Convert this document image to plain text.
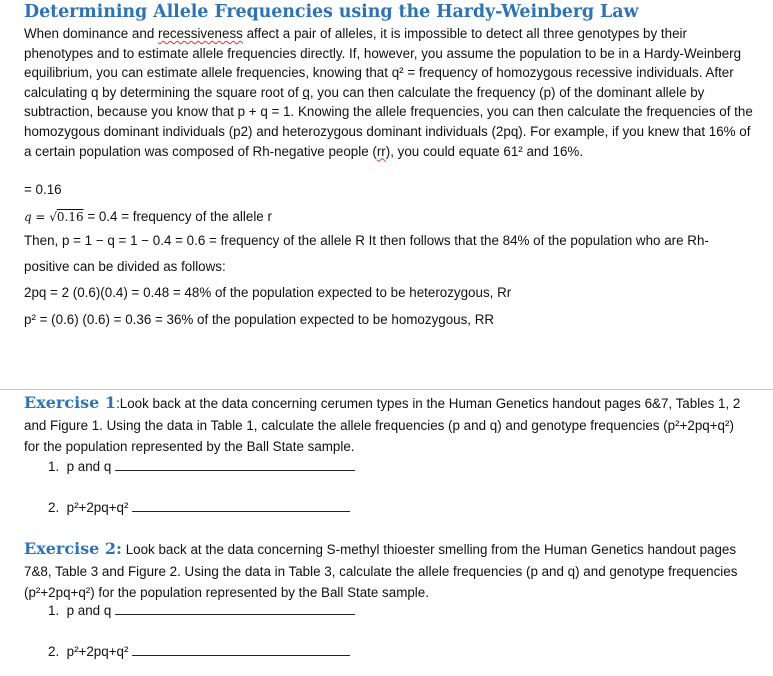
Determining Allele Frequencies using the Hardy-Weinberg Law

When dominance and recessiveness affect a pair of alleles, it is impossible to detect all three genotypes by their phenotypes and to estimate allele frequencies directly. If, however, you assume the population to be in a Hardy-Weinberg equilibrium, you can estimate allele frequencies, knowing that q² = frequency of homozygous recessive individuals. After calculating q by determining the square root of q, you can then calculate the frequency (p) of the dominant allele by subtraction, because you know that p + q = 1. Knowing the allele frequencies, you can then calculate the frequencies of the homozygous dominant individuals (p2) and heterozygous dominant individuals (2pq). For example, if you knew that 16% of a certain population was composed of Rh-negative people (rr), you could equate 61² and 16%.

= 0.16
q = √0.16 = 0.4 = frequency of the allele r
Then, p = 1 − q = 1 − 0.4 = 0.6 = frequency of the allele R It then follows that the 84% of the population who are Rh-
positive can be divided as follows:
2pq = 2 (0.6)(0.4) = 0.48 = 48% of the population expected to be heterozygous, Rr
p² = (0.6) (0.6) = 0.36 = 36% of the population expected to be homozygous, RR
Exercise 1:Look back at the data concerning cerumen types in the Human Genetics handout pages 6&7, Tables 1, 2 and Figure 1. Using the data in Table 1, calculate the allele frequencies (p and q) and genotype frequencies (p²+2pq+q²) for the population represented by the Ball State sample.
1. p and q
2. p²+2pq+q²
Exercise 2: Look back at the data concerning S-methyl thioester smelling from the Human Genetics handout pages 7&8, Table 3 and Figure 2. Using the data in Table 3, calculate the allele frequencies (p and q) and genotype frequencies (p²+2pq+q²) for the population represented by the Ball State sample.
1. p and q
2. p²+2pq+q²
